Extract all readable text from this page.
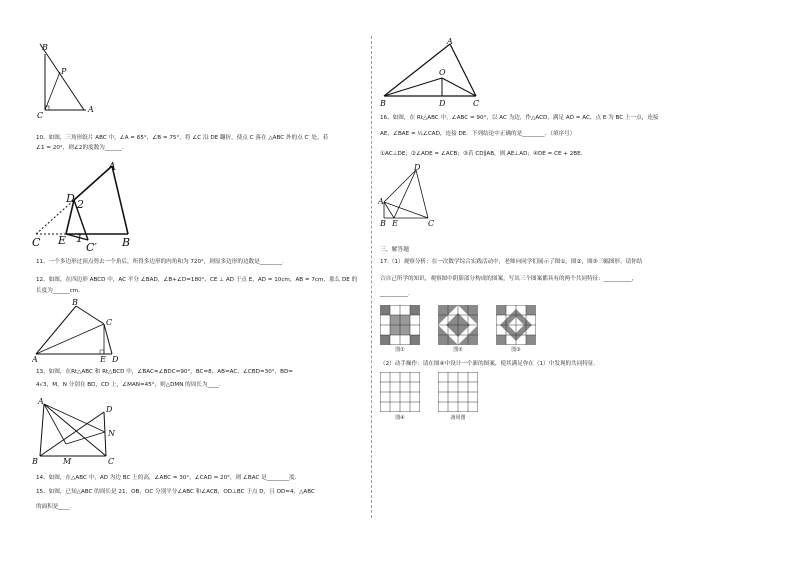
B
P
C
A
10、如图，三角形纸片 ABC 中，∠A = 65°，∠B = 75°，将 ∠C 沿 DE 翻折，使点 C 落在 △ABC 外的点 C′ 处，若
∠1 = 20°，则∠2的度数为______.
A
D 2
1
C E
C′ B
11、一个多边形过顶点剪去一个角后，所得多边形的内角和为 720°，则原多边形的边数是________.
12、如图，在四边形 ABCD 中，AC 平分 ∠BAD，∠B+∠D=180°，CE ⊥ AD 于点 E，AD = 10cm，AB = 7cm，那么 DE 的
长度为______cm.
B
C
A	E D
13、如图，在Rt△ABC 和 Rt△BCD 中，∠BAC=∠BDC=90°，BC=8，AB=AC，∠CBD=30°，BD=
4√3，M，N 分别在 BD，CD 上，∠MAN=45°，则△DMN 的周长为____.
A
D
N
B	M	C
14、如图，在△ABC 中，AD 为边 BC 上的高，∠ABC = 30°，∠CAD = 20°，则 ∠BAC 是________度.
15、如图，已知△ABC 的周长是 21，OB，OC 分别平分∠ABC 和∠ACB，OD⊥BC 于点 D，且 OD=4，△ABC
的面积是____.
A
O
B	D	C
16、如图，在 Rt△ABC 中，∠ABC = 90°，以 AC 为边，作△ACD，满足 AD = AC，点 E 为 BC 上一点，连接
AE，∠BAE = ½∠CAD，连接 DE．下列结论中正确的是________．（填序号）
①AC⊥DE；②∠ADE = ∠ACB；③若 CD∥AB，则 AE⊥AD；④DE = CE + 2BE．
D
A
B E	C
三、解答题
17.（1）观察分析：在一次数学综合实践活动中，老师向同学们展示了图①，图②，图③三幅图形，请你结
合自己所学的知识，观察图中阴影部分构成的图案，写出三个图案都具有的两个共同特征：__________，
__________.
图①	图②	图③
（2）动手操作：请在图④中设计一个新的图案，使其满足你在（1）中发现的共同特征.
图④	备用图
